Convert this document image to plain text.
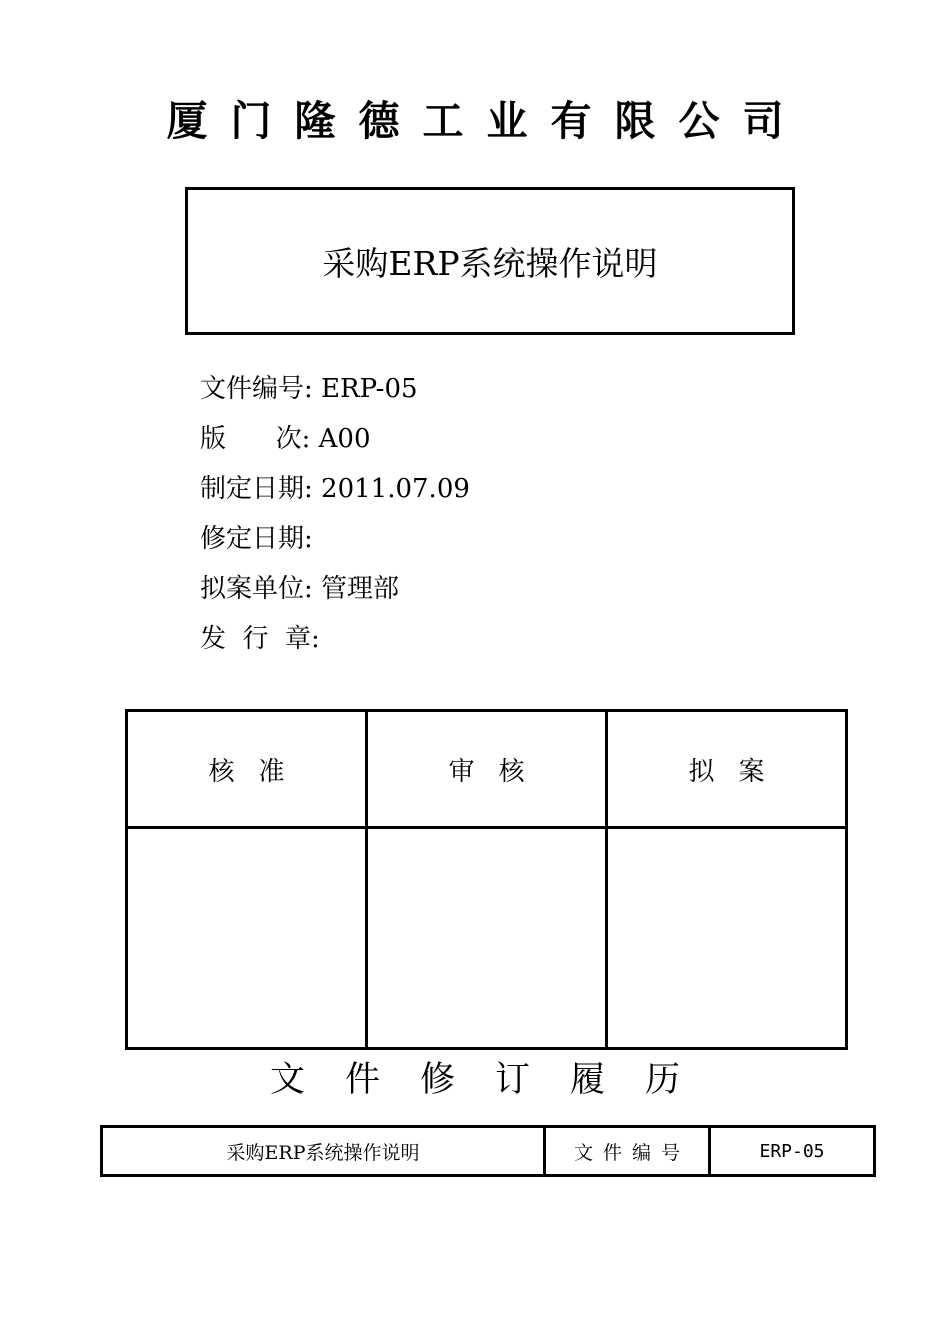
厦门隆德工业有限公司
采购ERP系统操作说明
文件编号: ERP-05
版      次: A00
制定日期: 2011.07.09
修定日期:
拟案单位: 管理部
发  行  章:
核准	审核	拟案

文件修订履历
采购ERP系统操作说明	文件编号	ERP-05
